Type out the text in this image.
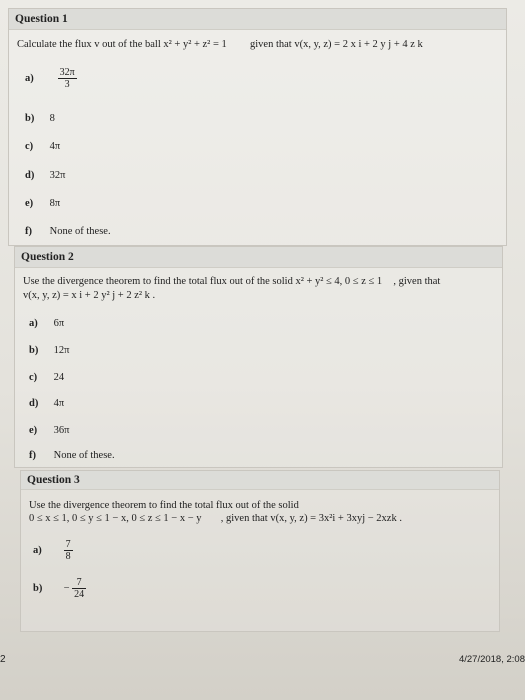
Question 1
Calculate the flux v out of the ball x² + y² + z² = 1 given that v(x, y, z) = 2 x i + 2 y j + 4 z k
$a) \frac{32\pi}{3}$
b) 8
c) 4π
d) 32π
e) 8π
f) None of these.
Question 2
Use the divergence theorem to find the total flux out of the solid x² + y² ≤ 4, 0 ≤ z ≤ 1 , given that
v(x, y, z) = x i + 2 y² j + 2 z² k .
a) 6π
b) 12π
c) 24
d) 4π
e) 36π
f) None of these.
Question 3
Use the divergence theorem to find the total flux out of the solid
0 ≤ x ≤ 1, 0 ≤ y ≤ 1 − x, 0 ≤ z ≤ 1 − x − y , given that v(x, y, z) = 3x²i + 3xyj − 2xzk .
$a) \frac{7}{8}$
$b) - \frac{7}{24}$
2	4/27/2018, 2:08
